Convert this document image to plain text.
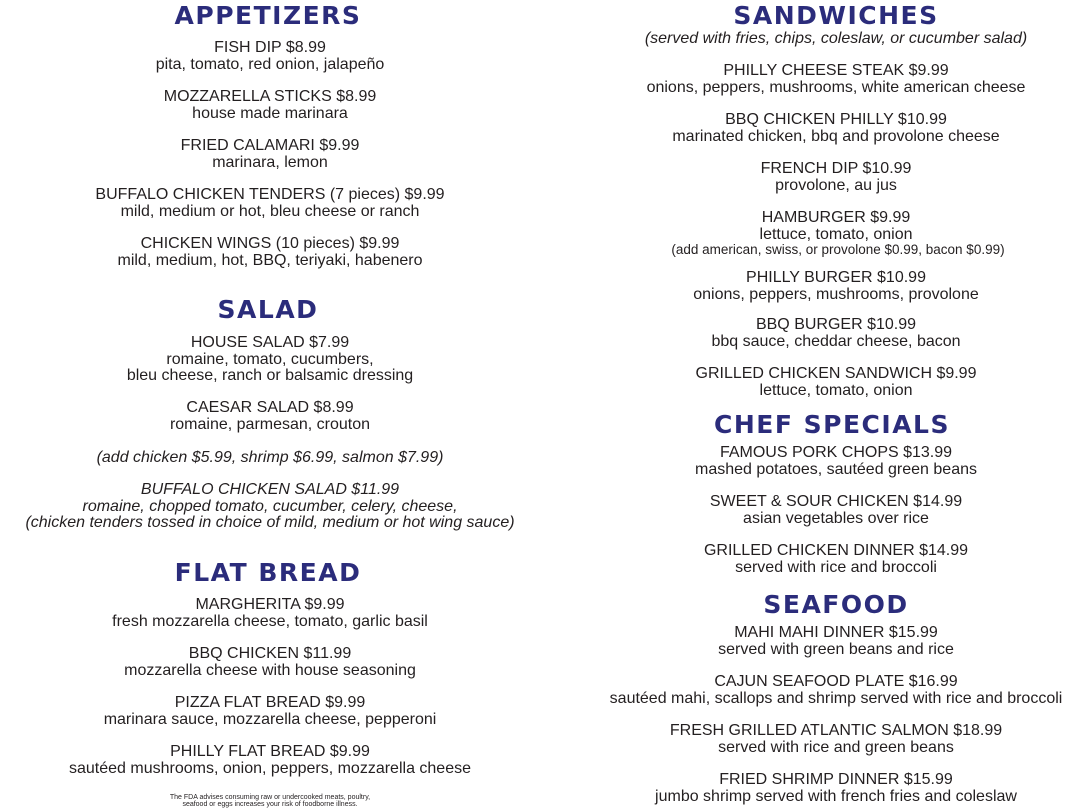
APPETIZERS
FISH DIP $8.99
pita, tomato, red onion, jalapeño
MOZZARELLA STICKS $8.99
house made marinara
FRIED CALAMARI $9.99
marinara, lemon
BUFFALO CHICKEN TENDERS (7 pieces) $9.99
mild, medium or hot, bleu cheese or ranch
CHICKEN WINGS (10 pieces) $9.99
mild, medium, hot, BBQ, teriyaki, habenero
SALAD
HOUSE SALAD $7.99
romaine, tomato, cucumbers,
bleu cheese, ranch or balsamic dressing
CAESAR SALAD $8.99
romaine, parmesan, crouton
(add chicken $5.99, shrimp $6.99, salmon $7.99)
BUFFALO CHICKEN SALAD $11.99
romaine, chopped tomato, cucumber, celery, cheese,
(chicken tenders tossed in choice of mild, medium or hot wing sauce)
FLAT BREAD
MARGHERITA $9.99
fresh mozzarella cheese, tomato, garlic basil
BBQ CHICKEN $11.99
mozzarella cheese with house seasoning
PIZZA FLAT BREAD $9.99
marinara sauce, mozzarella cheese, pepperoni
PHILLY FLAT BREAD $9.99
sautéed mushrooms, onion, peppers, mozzarella cheese
The FDA advises consuming raw or undercooked meats, poultry,
seafood or eggs increases your risk of foodborne illness.
SANDWICHES
(served with fries, chips, coleslaw, or cucumber salad)
PHILLY CHEESE STEAK $9.99
onions, peppers, mushrooms, white american cheese
BBQ CHICKEN PHILLY $10.99
marinated chicken, bbq and provolone cheese
FRENCH DIP $10.99
provolone, au jus
HAMBURGER $9.99
lettuce, tomato, onion
(add american, swiss, or provolone $0.99, bacon $0.99)
PHILLY BURGER $10.99
onions, peppers, mushrooms, provolone
BBQ BURGER $10.99
bbq sauce, cheddar cheese, bacon
GRILLED CHICKEN SANDWICH $9.99
lettuce, tomato, onion
CHEF SPECIALS
FAMOUS PORK CHOPS $13.99
mashed potatoes, sautéed green beans
SWEET & SOUR CHICKEN $14.99
asian vegetables over rice
GRILLED CHICKEN DINNER $14.99
served with rice and broccoli
SEAFOOD
MAHI MAHI DINNER $15.99
served with green beans and rice
CAJUN SEAFOOD PLATE $16.99
sautéed mahi, scallops and shrimp served with rice and broccoli
FRESH GRILLED ATLANTIC SALMON $18.99
served with rice and green beans
FRIED SHRIMP DINNER $15.99
jumbo shrimp served with french fries and coleslaw
